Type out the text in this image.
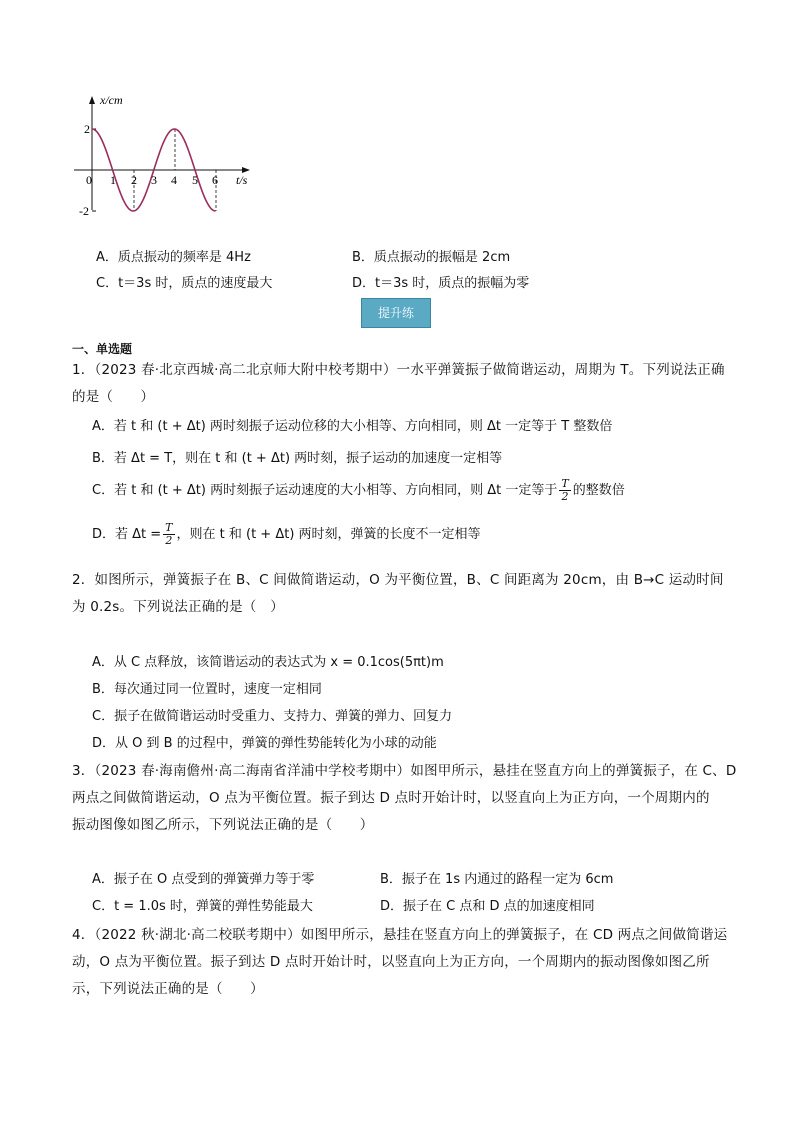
x/cm
t/s
0
2
-2
1 2 3 4 5 6
A．质点振动的频率是 4Hz	B．质点振动的振幅是 2cm
C．t＝3s 时，质点的速度最大	D．t＝3s 时，质点的振幅为零
提升练
一、单选题
1．（2023 春·北京西城·高二北京师大附中校考期中）一水平弹簧振子做简谐运动，周期为 T。下列说法正确
的是（　　）
A．若 t 和 (t + Δt) 两时刻振子运动位移的大小相等、方向相同，则 Δt 一定等于 T 整数倍
B．若 Δt = T，则在 t 和 (t + Δt) 两时刻，振子运动的加速度一定相等
C．若 t 和 (t + Δt) 两时刻振子运动速度的大小相等、方向相同，则 Δt 一定等于 $\frac{T}{2}$ 的整数倍
D．若 $\Delta t = \frac{T}{2}$ ，则在 t 和 (t + Δt) 两时刻，弹簧的长度不一定相等
2．如图所示，弹簧振子在 B、C 间做简谐运动，O 为平衡位置，B、C 间距离为 20cm，由 B→C 运动时间
为 0.2s。下列说法正确的是（　）
A．从 C 点释放，该简谐运动的表达式为 x = 0.1cos(5πt)m
B．每次通过同一位置时，速度一定相同
C．振子在做简谐运动时受重力、支持力、弹簧的弹力、回复力
D．从 O 到 B 的过程中，弹簧的弹性势能转化为小球的动能
3．（2023 春·海南儋州·高二海南省洋浦中学校考期中）如图甲所示，悬挂在竖直方向上的弹簧振子，在 C、D
两点之间做简谐运动，O 点为平衡位置。振子到达 D 点时开始计时，以竖直向上为正方向，一个周期内的
振动图像如图乙所示，下列说法正确的是（　　）
A．振子在 O 点受到的弹簧弹力等于零	B．振子在 1s 内通过的路程一定为 6cm
C．t = 1.0s 时，弹簧的弹性势能最大	D．振子在 C 点和 D 点的加速度相同
4．（2022 秋·湖北·高二校联考期中）如图甲所示，悬挂在竖直方向上的弹簧振子，在 CD 两点之间做简谐运
动，O 点为平衡位置。振子到达 D 点时开始计时，以竖直向上为正方向，一个周期内的振动图像如图乙所
示，下列说法正确的是（　　）
